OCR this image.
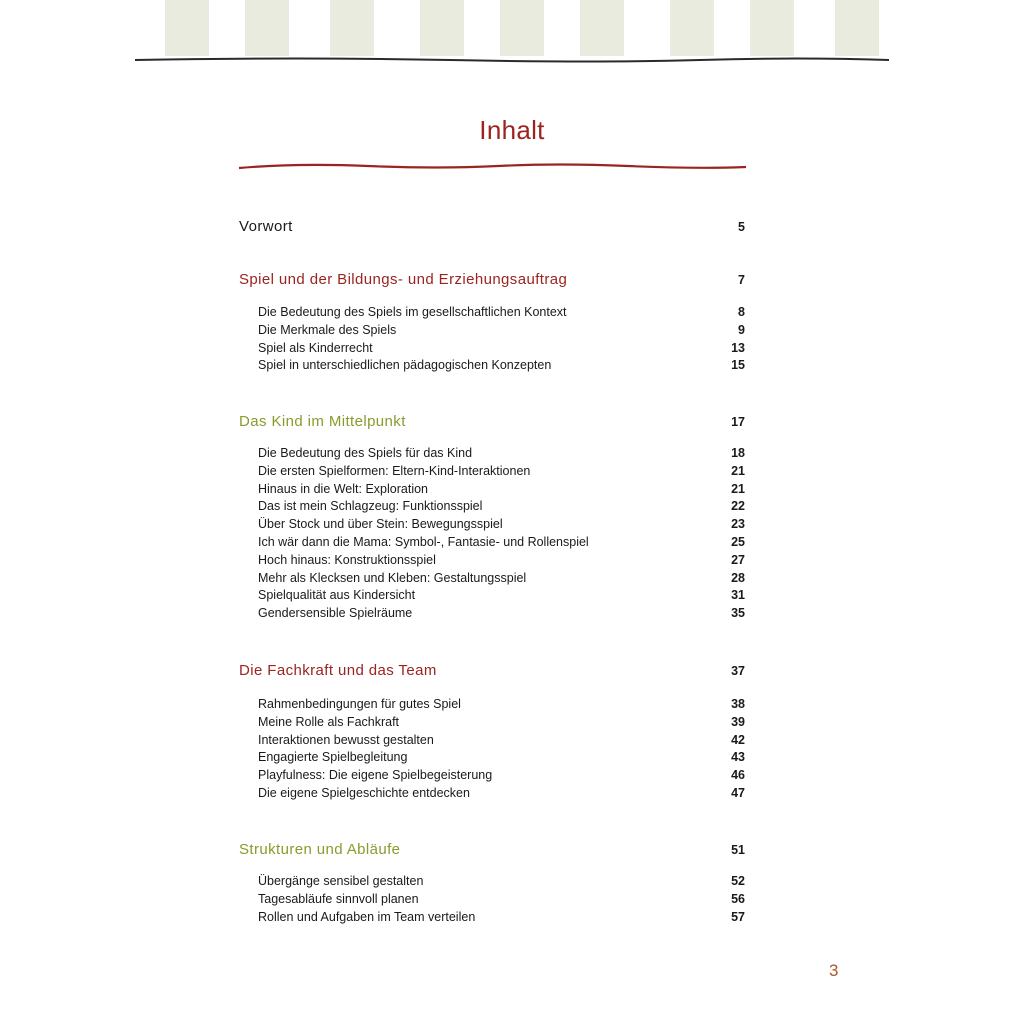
Inhalt
Vorwort	5
Spiel und der Bildungs- und Erziehungsauftrag	7
Die Bedeutung des Spiels im gesellschaftlichen Kontext	8
Die Merkmale des Spiels	9
Spiel als Kinderrecht	13
Spiel in unterschiedlichen pädagogischen Konzepten	15
Das Kind im Mittelpunkt	17
Die Bedeutung des Spiels für das Kind	18
Die ersten Spielformen: Eltern-Kind-Interaktionen	21
Hinaus in die Welt: Exploration	21
Das ist mein Schlagzeug: Funktionsspiel	22
Über Stock und über Stein: Bewegungsspiel	23
Ich wär dann die Mama: Symbol-, Fantasie- und Rollenspiel	25
Hoch hinaus: Konstruktionsspiel	27
Mehr als Klecksen und Kleben: Gestaltungsspiel	28
Spielqualität aus Kindersicht	31
Gendersensible Spielräume	35
Die Fachkraft und das Team	37
Rahmenbedingungen für gutes Spiel	38
Meine Rolle als Fachkraft	39
Interaktionen bewusst gestalten	42
Engagierte Spielbegleitung	43
Playfulness: Die eigene Spielbegeisterung	46
Die eigene Spielgeschichte entdecken	47
Strukturen und Abläufe	51
Übergänge sensibel gestalten	52
Tagesabläufe sinnvoll planen	56
Rollen und Aufgaben im Team verteilen	57
3
